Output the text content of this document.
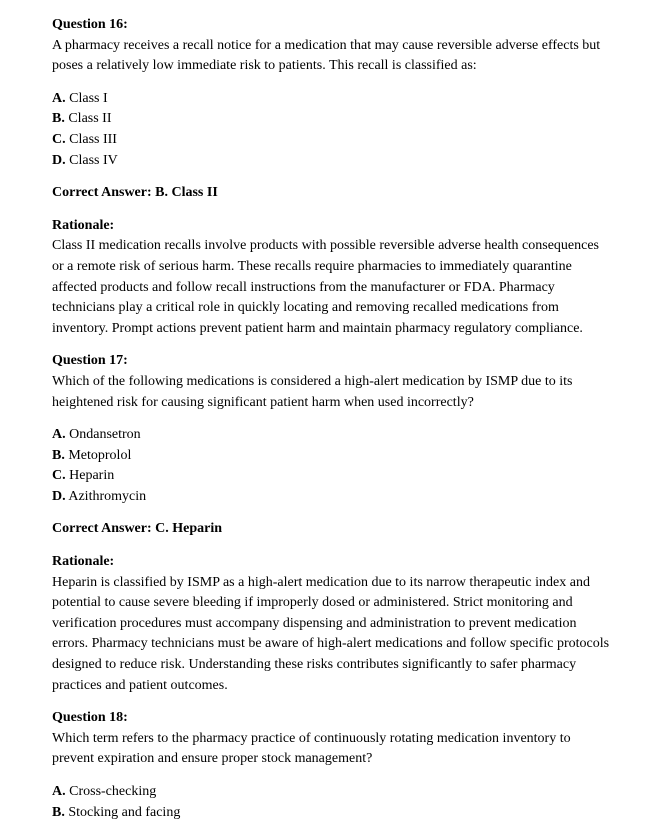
Question 16:
A pharmacy receives a recall notice for a medication that may cause reversible adverse effects but poses a relatively low immediate risk to patients. This recall is classified as:
A. Class I
B. Class II
C. Class III
D. Class IV
Correct Answer: B. Class II
Rationale:
Class II medication recalls involve products with possible reversible adverse health consequences or a remote risk of serious harm. These recalls require pharmacies to immediately quarantine affected products and follow recall instructions from the manufacturer or FDA. Pharmacy technicians play a critical role in quickly locating and removing recalled medications from inventory. Prompt actions prevent patient harm and maintain pharmacy regulatory compliance.
Question 17:
Which of the following medications is considered a high-alert medication by ISMP due to its heightened risk for causing significant patient harm when used incorrectly?
A. Ondansetron
B. Metoprolol
C. Heparin
D. Azithromycin
Correct Answer: C. Heparin
Rationale:
Heparin is classified by ISMP as a high-alert medication due to its narrow therapeutic index and potential to cause severe bleeding if improperly dosed or administered. Strict monitoring and verification procedures must accompany dispensing and administration to prevent medication errors. Pharmacy technicians must be aware of high-alert medications and follow specific protocols designed to reduce risk. Understanding these risks contributes significantly to safer pharmacy practices and patient outcomes.
Question 18:
Which term refers to the pharmacy practice of continuously rotating medication inventory to prevent expiration and ensure proper stock management?
A. Cross-checking
B. Stocking and facing
